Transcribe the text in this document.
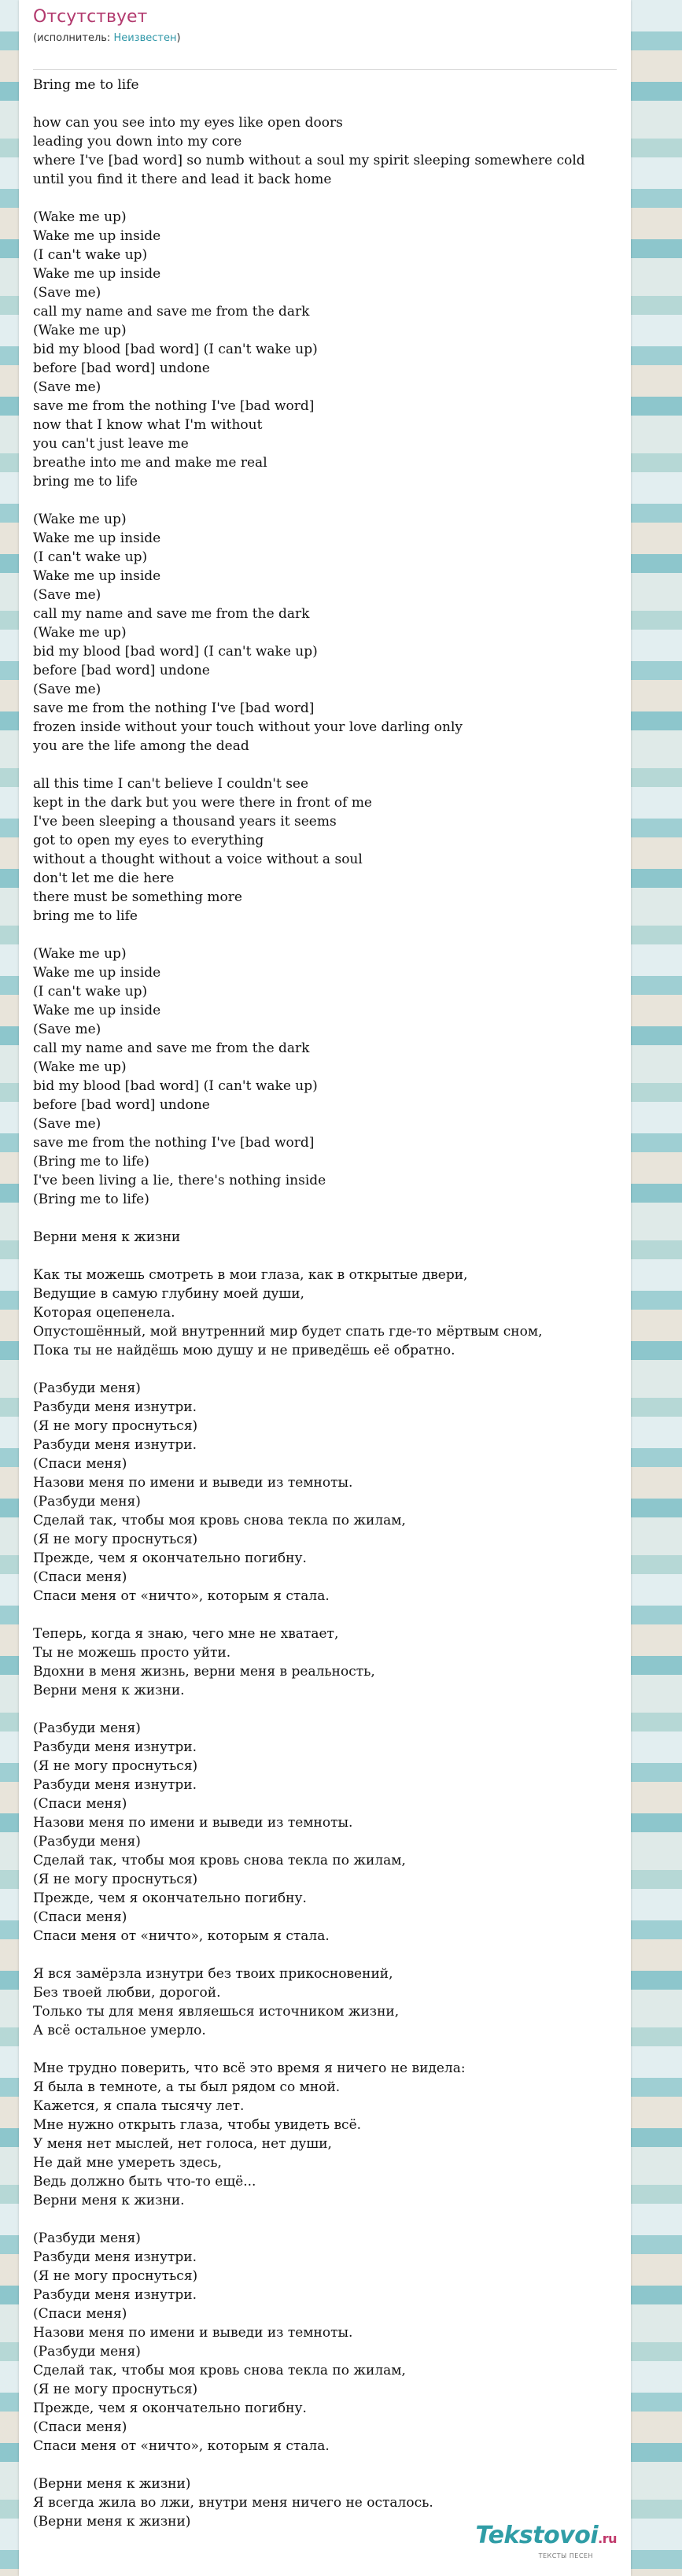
Отсутствует
(исполнитель: Неизвестен)
Bring me to life
how can you see into my eyes like open doors
leading you down into my core
where I've [bad word] so numb without a soul my spirit sleeping somewhere cold
until you find it there and lead it back home
(Wake me up)
Wake me up inside
(I can't wake up)
Wake me up inside
(Save me)
call my name and save me from the dark
(Wake me up)
bid my blood [bad word] (I can't wake up)
before [bad word] undone
(Save me)
save me from the nothing I've [bad word]
now that I know what I'm without
you can't just leave me
breathe into me and make me real
bring me to life
(Wake me up)
Wake me up inside
(I can't wake up)
Wake me up inside
(Save me)
call my name and save me from the dark
(Wake me up)
bid my blood [bad word] (I can't wake up)
before [bad word] undone
(Save me)
save me from the nothing I've [bad word]
frozen inside without your touch without your love darling only
you are the life among the dead
all this time I can't believe I couldn't see
kept in the dark but you were there in front of me
I've been sleeping a thousand years it seems
got to open my eyes to everything
without a thought without a voice without a soul
don't let me die here
there must be something more
bring me to life
(Wake me up)
Wake me up inside
(I can't wake up)
Wake me up inside
(Save me)
call my name and save me from the dark
(Wake me up)
bid my blood [bad word] (I can't wake up)
before [bad word] undone
(Save me)
save me from the nothing I've [bad word]
(Bring me to life)
I've been living a lie, there's nothing inside
(Bring me to life)
Верни меня к жизни
Как ты можешь смотреть в мои глаза, как в открытые двери,
Ведущие в самую глубину моей души,
Которая оцепенела.
Опустошённый, мой внутренний мир будет спать где-то мёртвым сном,
Пока ты не найдёшь мою душу и не приведёшь её обратно.
(Разбуди меня)
Разбуди меня изнутри.
(Я не могу проснуться)
Разбуди меня изнутри.
(Спаси меня)
Назови меня по имени и выведи из темноты.
(Разбуди меня)
Сделай так, чтобы моя кровь снова текла по жилам,
(Я не могу проснуться)
Прежде, чем я окончательно погибну.
(Спаси меня)
Спаси меня от «ничто», которым я стала.
Теперь, когда я знаю, чего мне не хватает,
Ты не можешь просто уйти.
Вдохни в меня жизнь, верни меня в реальность,
Верни меня к жизни.
(Разбуди меня)
Разбуди меня изнутри.
(Я не могу проснуться)
Разбуди меня изнутри.
(Спаси меня)
Назови меня по имени и выведи из темноты.
(Разбуди меня)
Сделай так, чтобы моя кровь снова текла по жилам,
(Я не могу проснуться)
Прежде, чем я окончательно погибну.
(Спаси меня)
Спаси меня от «ничто», которым я стала.
Я вся замёрзла изнутри без твоих прикосновений,
Без твоей любви, дорогой.
Только ты для меня являешься источником жизни,
А всё остальное умерло.
Мне трудно поверить, что всё это время я ничего не видела:
Я была в темноте, а ты был рядом со мной.
Кажется, я спала тысячу лет.
Мне нужно открыть глаза, чтобы увидеть всё.
У меня нет мыслей, нет голоса, нет души,
Не дай мне умереть здесь,
Ведь должно быть что-то ещё...
Верни меня к жизни.
(Разбуди меня)
Разбуди меня изнутри.
(Я не могу проснуться)
Разбуди меня изнутри.
(Спаси меня)
Назови меня по имени и выведи из темноты.
(Разбуди меня)
Сделай так, чтобы моя кровь снова текла по жилам,
(Я не могу проснуться)
Прежде, чем я окончательно погибну.
(Спаси меня)
Спаси меня от «ничто», которым я стала.
(Верни меня к жизни)
Я всегда жила во лжи, внутри меня ничего не осталось.
(Верни меня к жизни)	Tekstovoi.ru
ТЕКСТЫ ПЕСЕН
